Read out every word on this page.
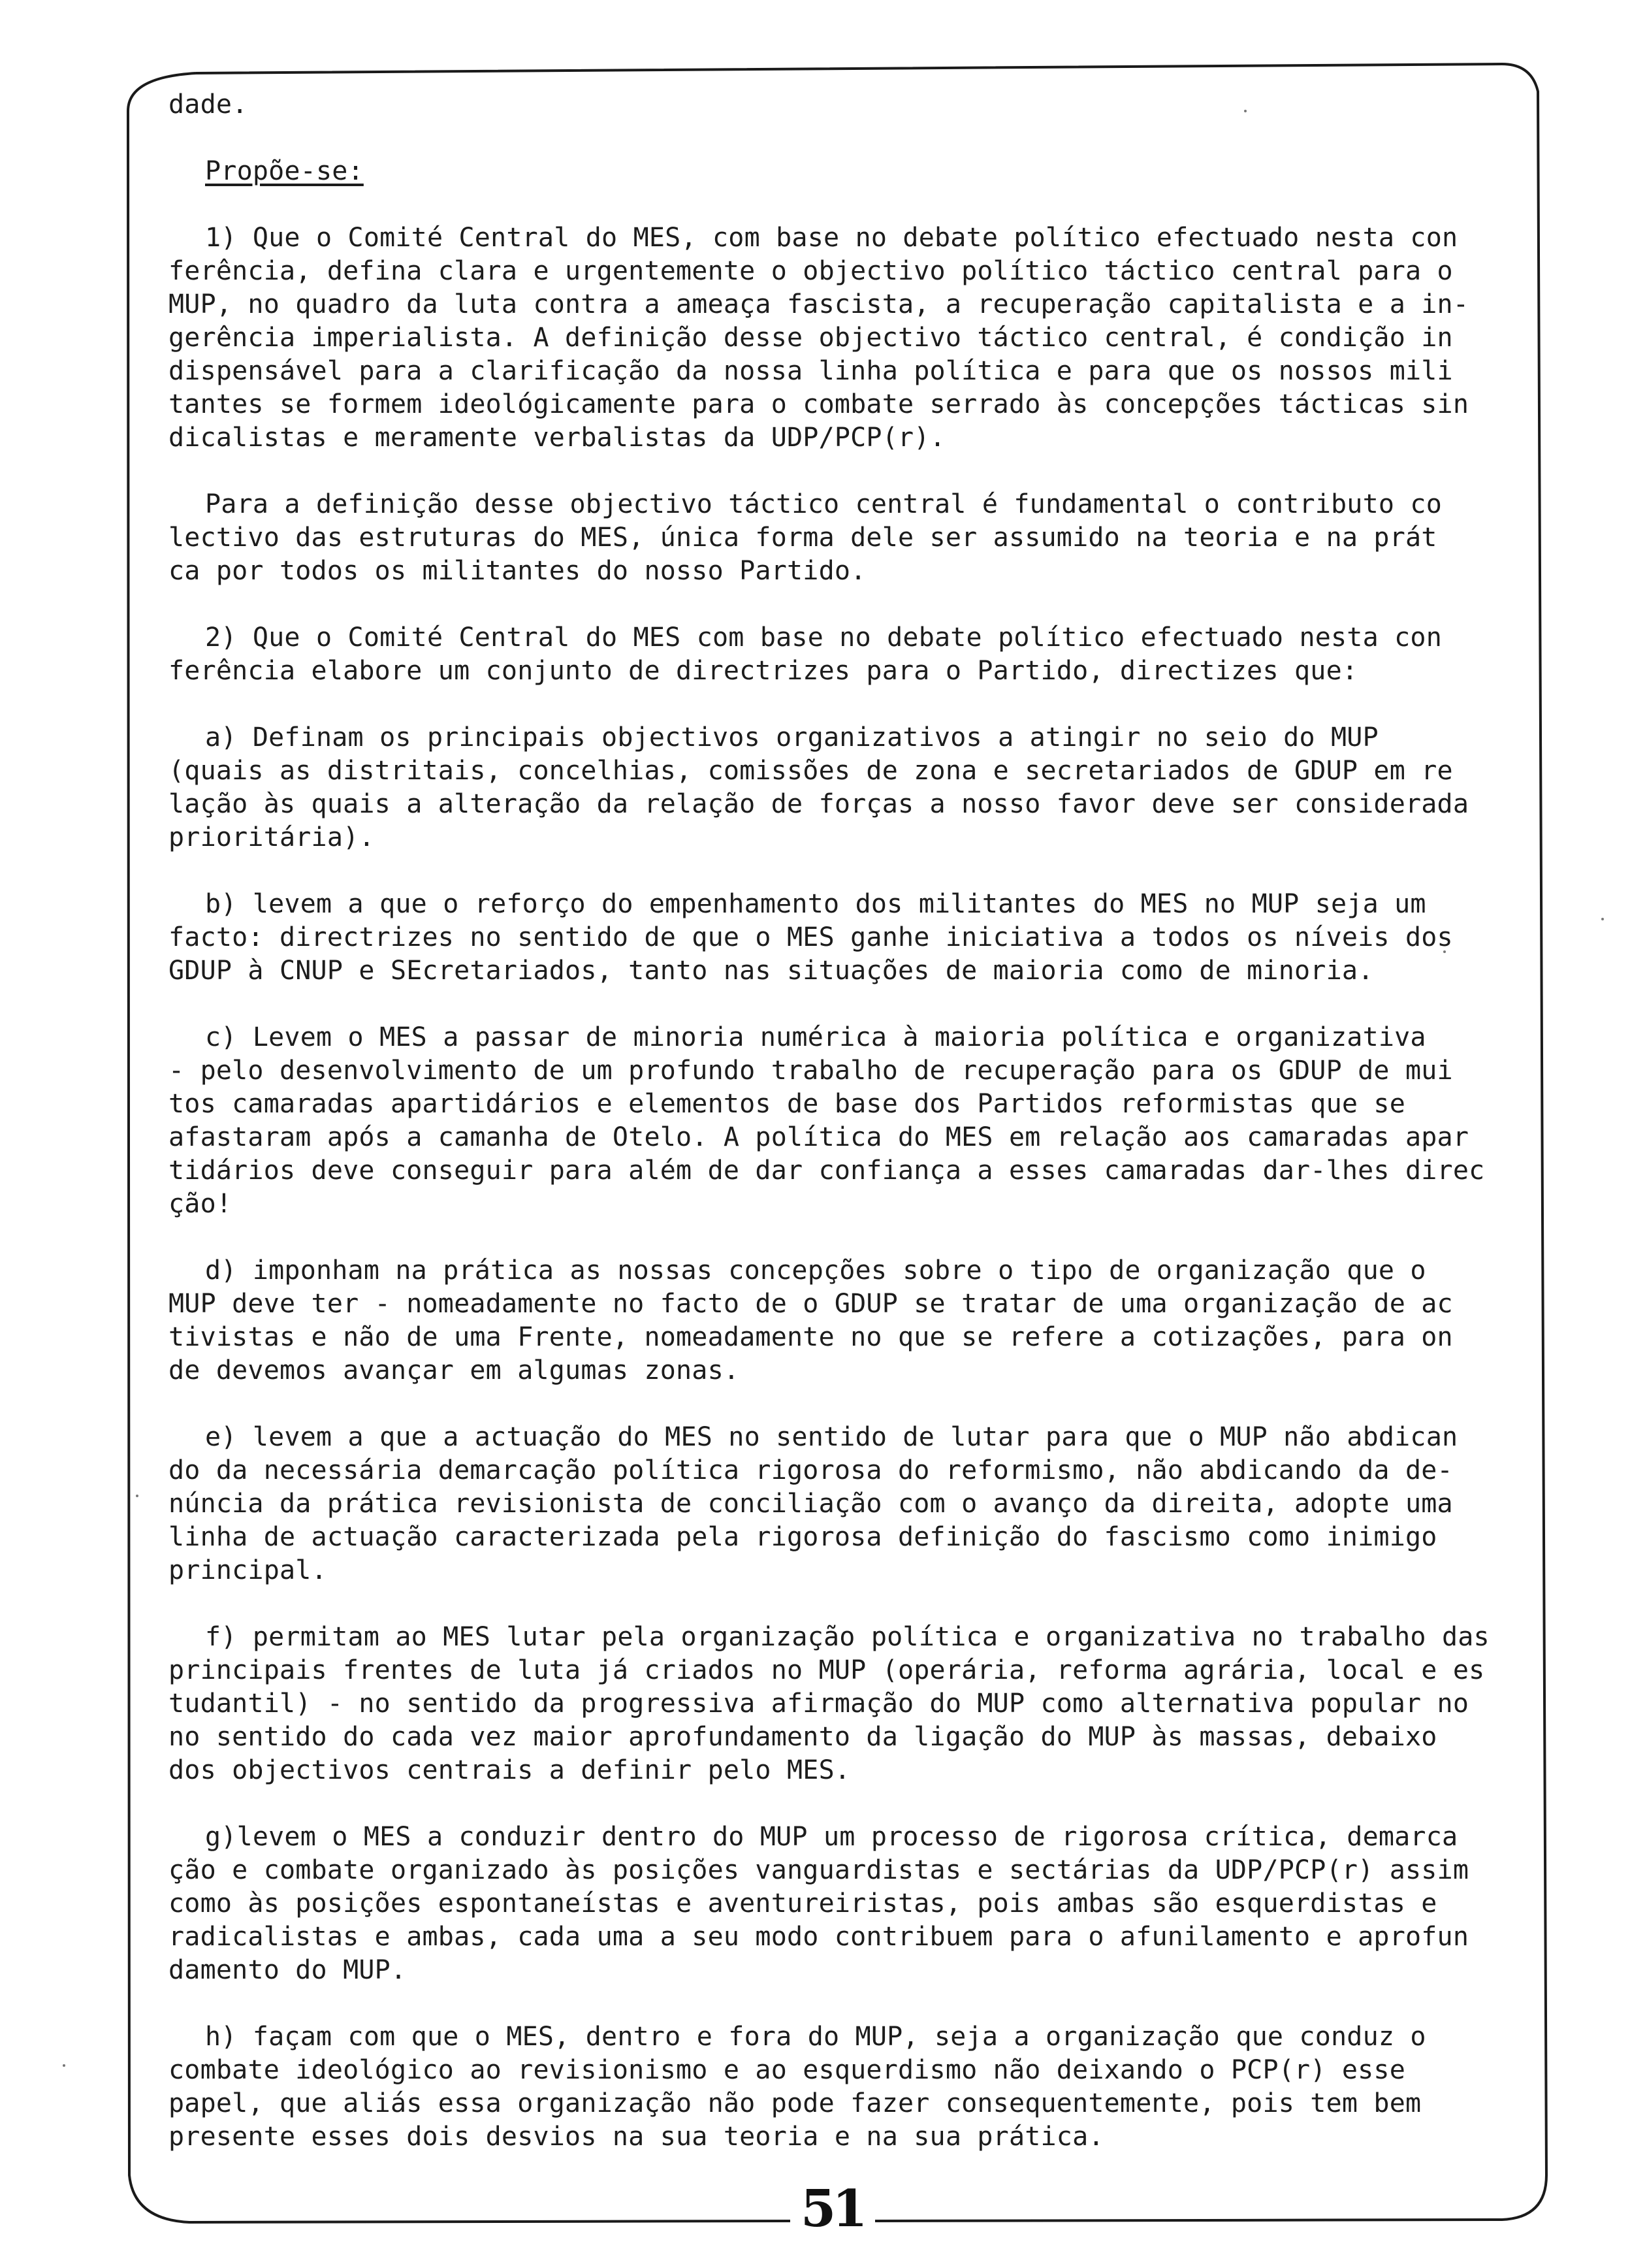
dade.
Propõe-se:
1) Que o Comité Central do MES, com base no debate político efectuado nesta con
ferência, defina clara e urgentemente o objectivo político táctico central para o
MUP, no quadro da luta contra a ameaça fascista, a recuperação capitalista e a in-
gerência imperialista. A definição desse objectivo táctico central, é condição in
dispensável para a clarificação da nossa linha política e para que os nossos mili
tantes se formem ideológicamente para o combate serrado às concepções tácticas sin
dicalistas e meramente verbalistas da UDP/PCP(r).
Para a definição desse objectivo táctico central é fundamental o contributo co
lectivo das estruturas do MES, única forma dele ser assumido na teoria e na prát
ca por todos os militantes do nosso Partido.
2) Que o Comité Central do MES com base no debate político efectuado nesta con
ferência elabore um conjunto de directrizes para o Partido, directizes que:
a) Definam os principais objectivos organizativos a atingir no seio do MUP
(quais as distritais, concelhias, comissões de zona e secretariados de GDUP em re
lação às quais a alteração da relação de forças a nosso favor deve ser considerada
prioritária).
b) levem a que o reforço do empenhamento dos militantes do MES no MUP seja um
facto: directrizes no sentido de que o MES ganhe iniciativa a todos os níveis dos
GDUP à CNUP e SEcretariados, tanto nas situações de maioria como de minoria.
c) Levem o MES a passar de minoria numérica à maioria política e organizativa
- pelo desenvolvimento de um profundo trabalho de recuperação para os GDUP de mui
tos camaradas apartidários e elementos de base dos Partidos reformistas que se
afastaram após a camanha de Otelo. A política do MES em relação aos camaradas apar
tidários deve conseguir para além de dar confiança a esses camaradas dar-lhes direc
ção!
d) imponham na prática as nossas concepções sobre o tipo de organização que o
MUP deve ter - nomeadamente no facto de o GDUP se tratar de uma organização de ac
tivistas e não de uma Frente, nomeadamente no que se refere a cotizações, para on
de devemos avançar em algumas zonas.
e) levem a que a actuação do MES no sentido de lutar para que o MUP não abdican
do da necessária demarcação política rigorosa do reformismo, não abdicando da de-
núncia da prática revisionista de conciliação com o avanço da direita, adopte uma
linha de actuação caracterizada pela rigorosa definição do fascismo como inimigo
principal.
f) permitam ao MES lutar pela organização política e organizativa no trabalho das
principais frentes de luta já criados no MUP (operária, reforma agrária, local e es
tudantil) - no sentido da progressiva afirmação do MUP como alternativa popular no
no sentido do cada vez maior aprofundamento da ligação do MUP às massas, debaixo
dos objectivos centrais a definir pelo MES.
g)levem o MES a conduzir dentro do MUP um processo de rigorosa crítica, demarca
ção e combate organizado às posições vanguardistas e sectárias da UDP/PCP(r) assim
como às posições espontaneístas e aventureiristas, pois ambas são esquerdistas e
radicalistas e ambas, cada uma a seu modo contribuem para o afunilamento e aprofun
damento do MUP.
h) façam com que o MES, dentro e fora do MUP, seja a organização que conduz o
combate ideológico ao revisionismo e ao esquerdismo não deixando o PCP(r) esse
papel, que aliás essa organização não pode fazer consequentemente, pois tem bem
presente esses dois desvios na sua teoria e na sua prática.
51
